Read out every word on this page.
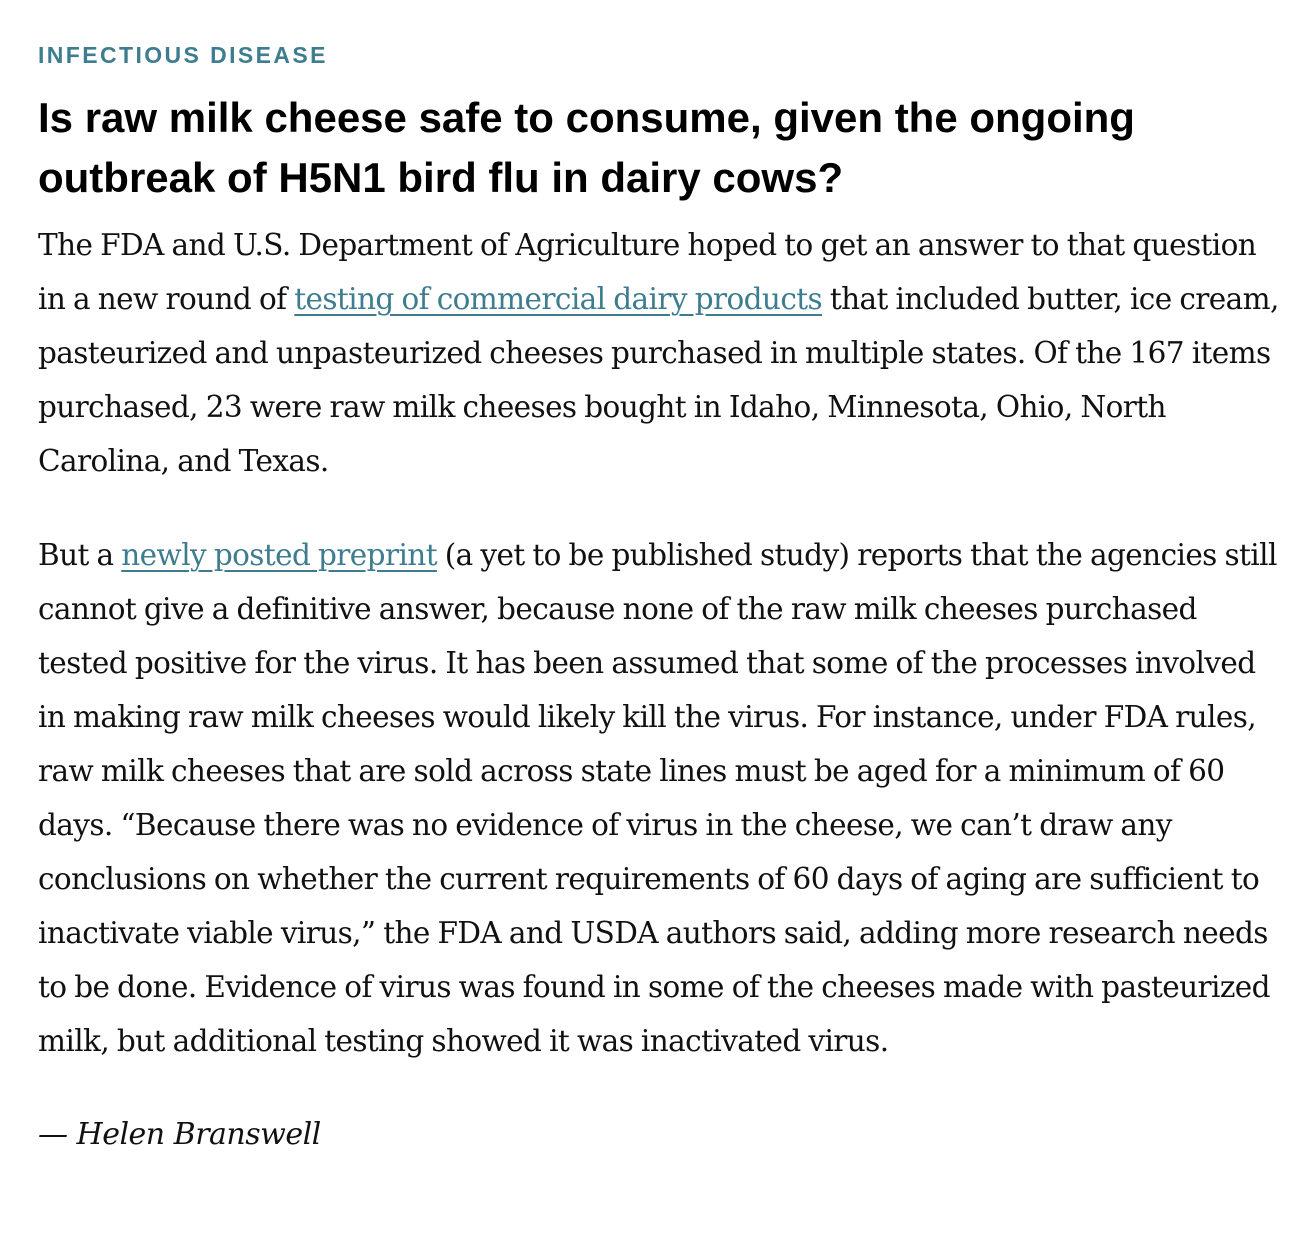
INFECTIOUS DISEASE
Is raw milk cheese safe to consume, given the ongoing outbreak of H5N1 bird flu in dairy cows?

The FDA and U.S. Department of Agriculture hoped to get an answer to that question in a new round of testing of commercial dairy products that included butter, ice cream, pasteurized and unpasteurized cheeses purchased in multiple states. Of the 167 items purchased, 23 were raw milk cheeses bought in Idaho, Minnesota, Ohio, North Carolina, and Texas.

But a newly posted preprint (a yet to be published study) reports that the agencies still cannot give a definitive answer, because none of the raw milk cheeses purchased tested positive for the virus. It has been assumed that some of the processes involved in making raw milk cheeses would likely kill the virus. For instance, under FDA rules, raw milk cheeses that are sold across state lines must be aged for a minimum of 60 days. “Because there was no evidence of virus in the cheese, we can’t draw any conclusions on whether the current requirements of 60 days of aging are sufficient to inactivate viable virus,” the FDA and USDA authors said, adding more research needs to be done. Evidence of virus was found in some of the cheeses made with pasteurized milk, but additional testing showed it was inactivated virus.

— Helen Branswell
